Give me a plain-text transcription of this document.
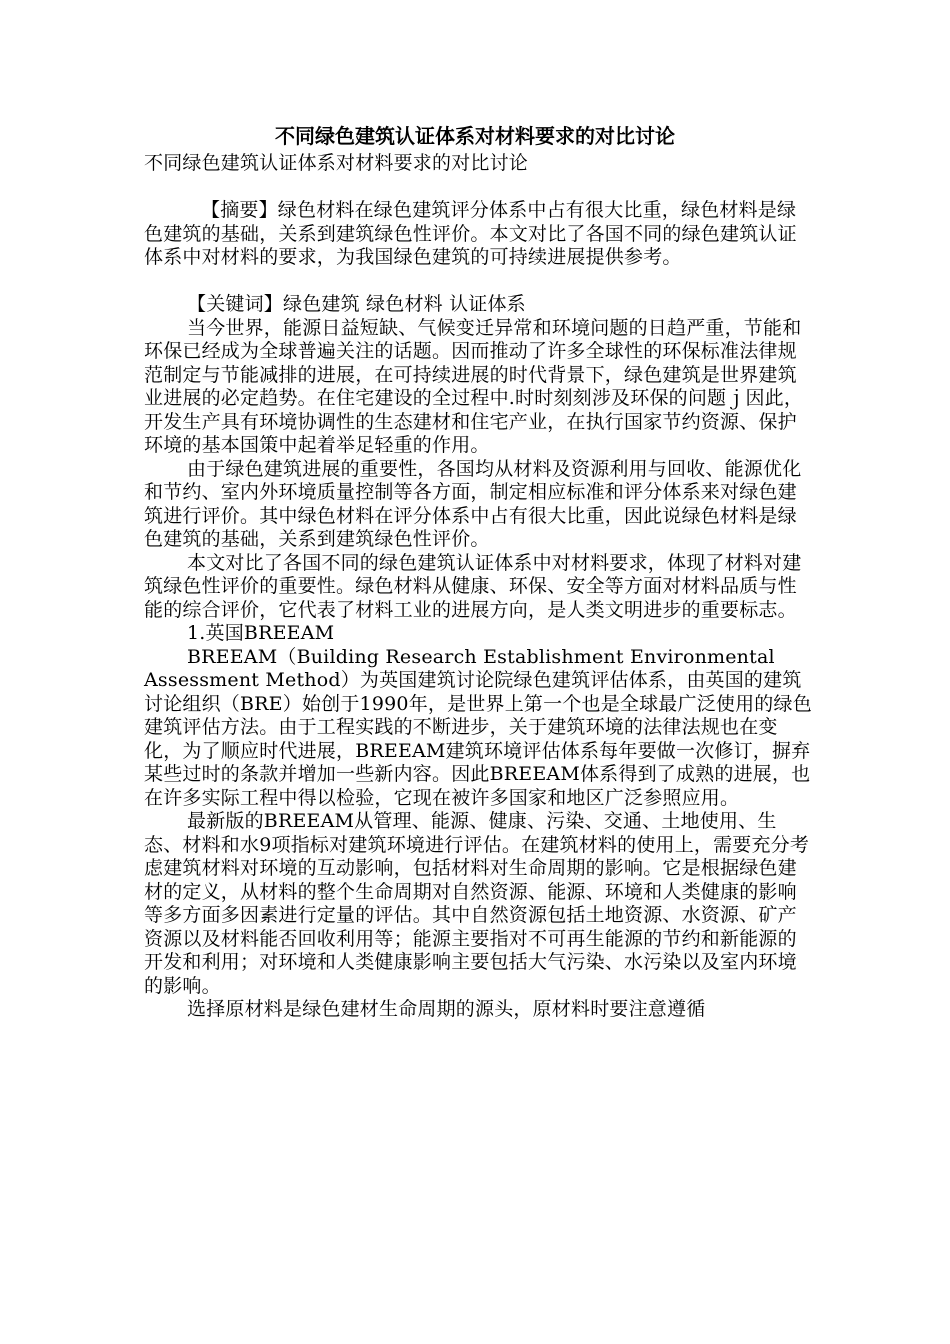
不同绿色建筑认证体系对材料要求的对比讨论

不同绿色建筑认证体系对材料要求的对比讨论

【摘要】绿色材料在绿色建筑评分体系中占有很大比重，绿色材料是绿色建筑的基础，关系到建筑绿色性评价。本文对比了各国不同的绿色建筑认证体系中对材料的要求，为我国绿色建筑的可持续进展提供参考。

【关键词】绿色建筑 绿色材料 认证体系

当今世界，能源日益短缺、气候变迁异常和环境问题的日趋严重，节能和环保已经成为全球普遍关注的话题。因而推动了许多全球性的环保标准法律规范制定与节能减排的进展，在可持续进展的时代背景下，绿色建筑是世界建筑业进展的必定趋势。在住宅建设的全过程中.时时刻刻涉及环保的问题ｊ因此，开发生产具有环境协调性的生态建材和住宅产业，在执行国家节约资源、保护环境的基本国策中起着举足轻重的作用。

由于绿色建筑进展的重要性，各国均从材料及资源利用与回收、能源优化和节约、室内外环境质量控制等各方面，制定相应标准和评分体系来对绿色建筑进行评价。其中绿色材料在评分体系中占有很大比重，因此说绿色材料是绿色建筑的基础，关系到建筑绿色性评价。

本文对比了各国不同的绿色建筑认证体系中对材料要求，体现了材料对建筑绿色性评价的重要性。绿色材料从健康、环保、安全等方面对材料品质与性能的综合评价，它代表了材料工业的进展方向，是人类文明进步的重要标志。

1.英国BREEAM

BREEAM（Building Research Establishment Environmental Assessment Method）为英国建筑讨论院绿色建筑评估体系，由英国的建筑讨论组织（BRE）始创于1990年，是世界上第一个也是全球最广泛使用的绿色建筑评估方法。由于工程实践的不断进步，关于建筑环境的法律法规也在变化，为了顺应时代进展，BREEAM建筑环境评估体系每年要做一次修订，摒弃某些过时的条款并增加一些新内容。因此BREEAM体系得到了成熟的进展，也在许多实际工程中得以检验，它现在被许多国家和地区广泛参照应用。

最新版的BREEAM从管理、能源、健康、污染、交通、土地使用、生态、材料和水9项指标对建筑环境进行评估。在建筑材料的使用上，需要充分考虑建筑材料对环境的互动影响，包括材料对生命周期的影响。它是根据绿色建材的定义，从材料的整个生命周期对自然资源、能源、环境和人类健康的影响等多方面多因素进行定量的评估。其中自然资源包括土地资源、水资源、矿产资源以及材料能否回收利用等；能源主要指对不可再生能源的节约和新能源的开发和利用；对环境和人类健康影响主要包括大气污染、水污染以及室内环境的影响。

选择原材料是绿色建材生命周期的源头，原材料时要注意遵循
